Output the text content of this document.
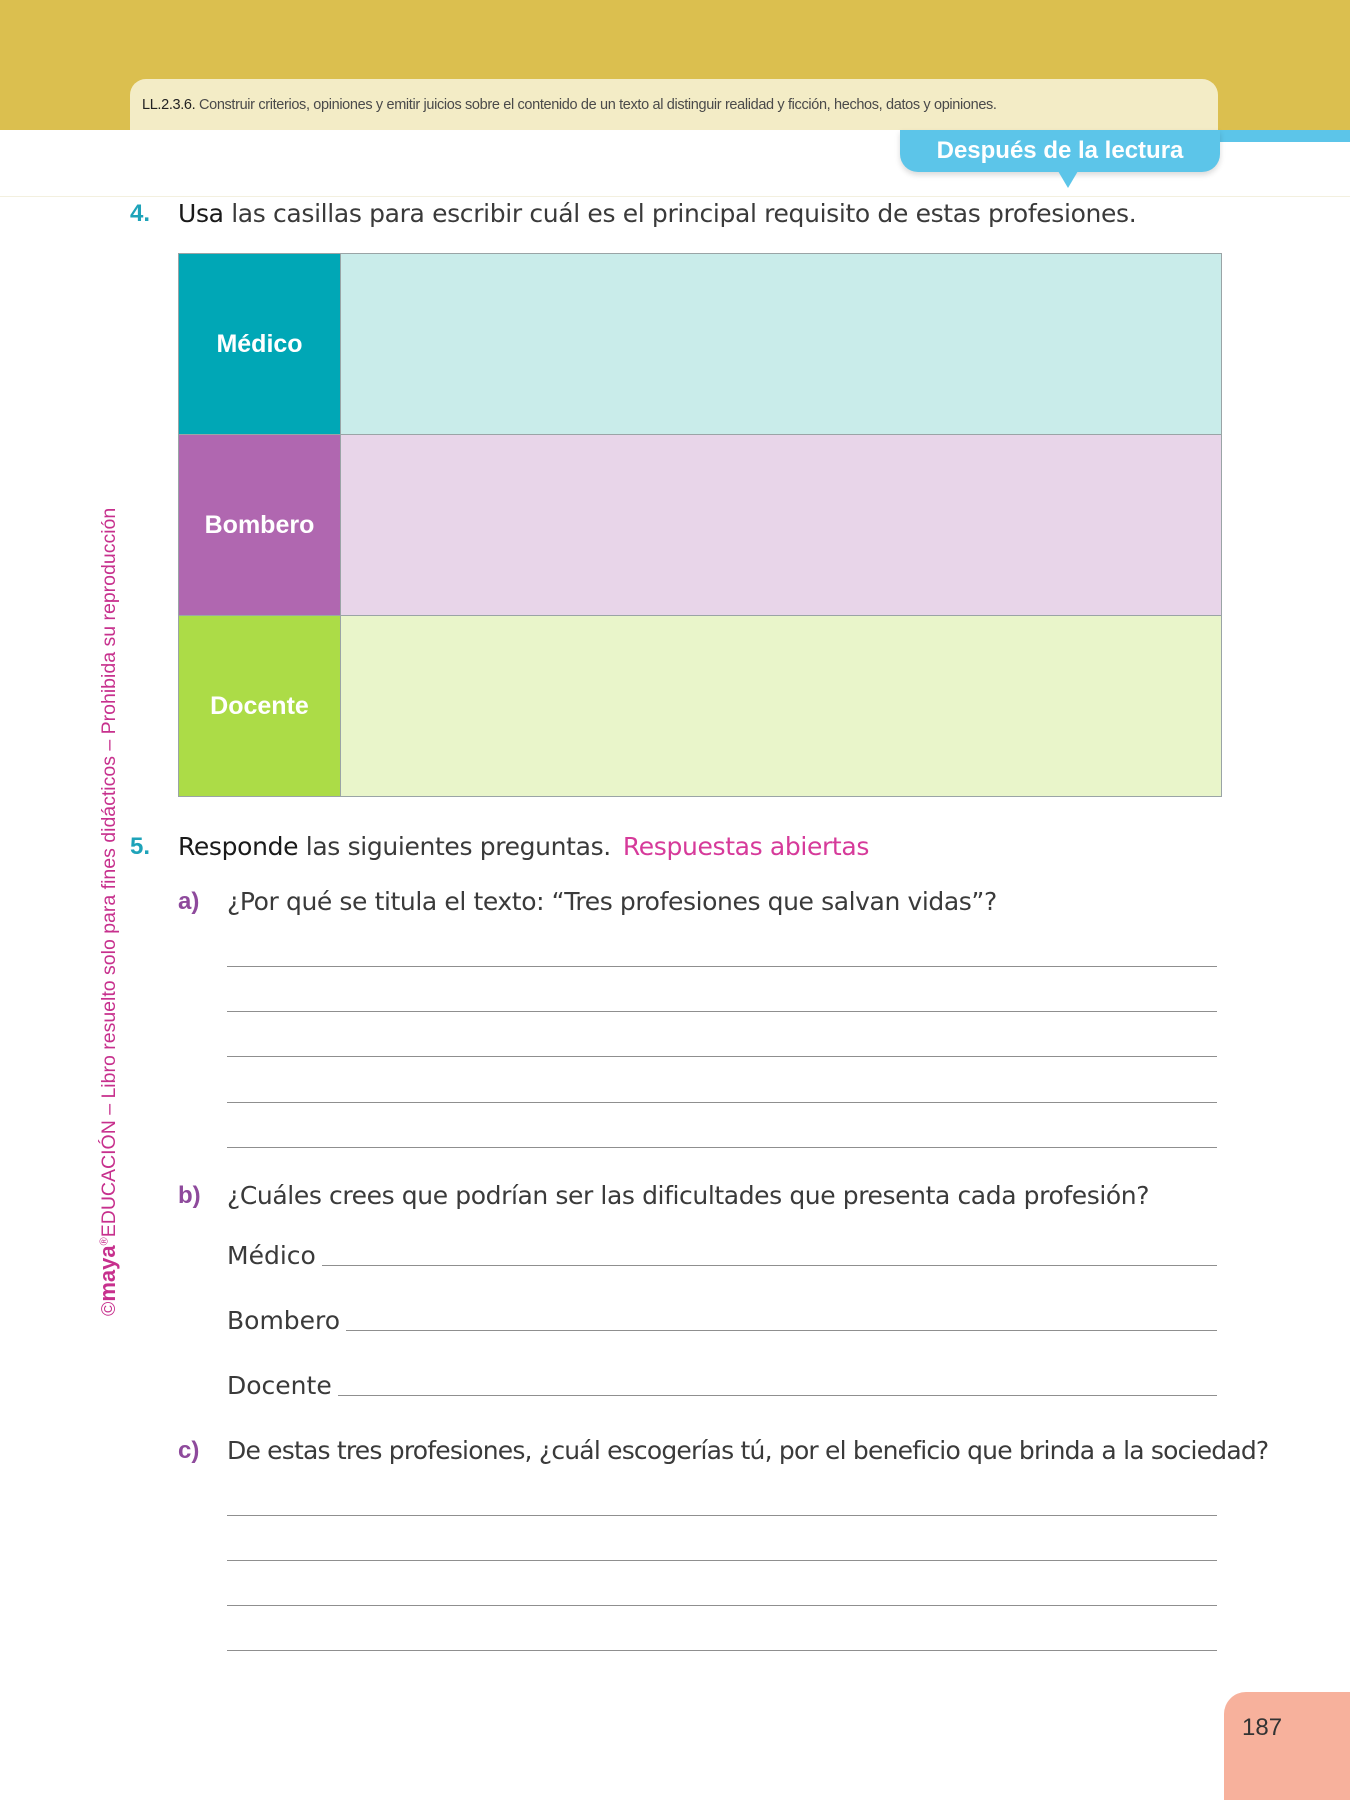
LL.2.3.6. Construir criterios, opiniones y emitir juicios sobre el contenido de un texto al distinguir realidad y ficción, hechos, datos y opiniones.
Después de la lectura
©maya®EDUCACIÓN – Libro resuelto solo para fines didácticos – Prohibida su reproducción
4. Usa las casillas para escribir cuál es el principal requisito de estas profesiones.
Médico
Bombero
Docente
5. Responde las siguientes preguntas. Respuestas abiertas
a) ¿Por qué se titula el texto: “Tres profesiones que salvan vidas”?
b) ¿Cuáles crees que podrían ser las dificultades que presenta cada profesión?
Médico
Bombero
Docente
c) De estas tres profesiones, ¿cuál escogerías tú, por el beneficio que brinda a la sociedad?
187
